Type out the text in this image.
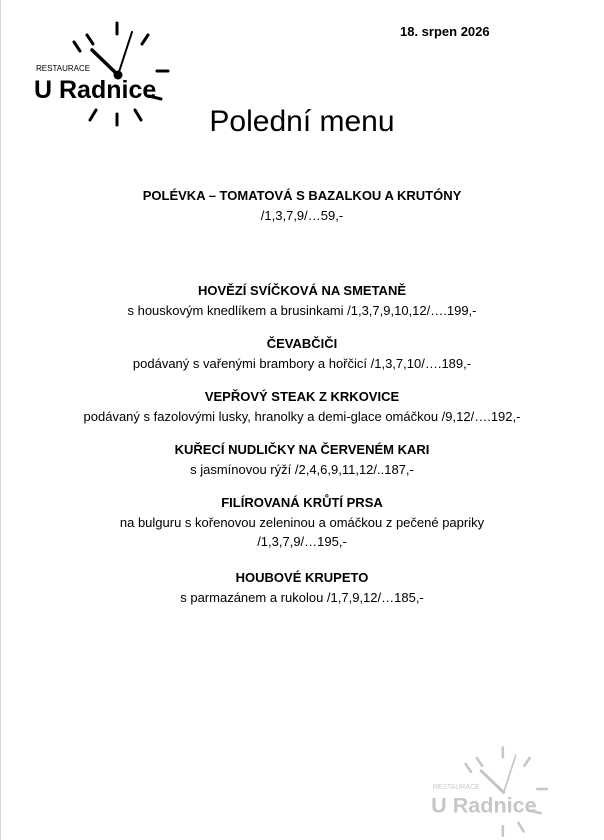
RESTAURACE
U Radnice
18. srpen 2026
Polední menu
POLÉVKA – TOMATOVÁ S BAZALKOU A KRUTÓNY
/1,3,7,9/…59,-
HOVĚZÍ SVÍČKOVÁ NA SMETANĚ
s houskovým knedlíkem a brusinkami /1,3,7,9,10,12/….199,-
ČEVABČIČI
podávaný s vařenými brambory a hořčicí /1,3,7,10/….189,-
VEPŘOVÝ STEAK Z KRKOVICE
podávaný s fazolovými lusky, hranolky a demi-glace omáčkou /9,12/….192,-
KUŘECÍ NUDLIČKY NA ČERVENÉM KARI
s jasmínovou rýží /2,4,6,9,11,12/..187,-
FILÍROVANÁ KRŮTÍ PRSA
na bulguru s kořenovou zeleninou a omáčkou z pečené papriky
/1,3,7,9/…195,-
HOUBOVÉ KRUPETO
s parmazánem a rukolou /1,7,9,12/…185,-
RESTAURACE
U Radnice
